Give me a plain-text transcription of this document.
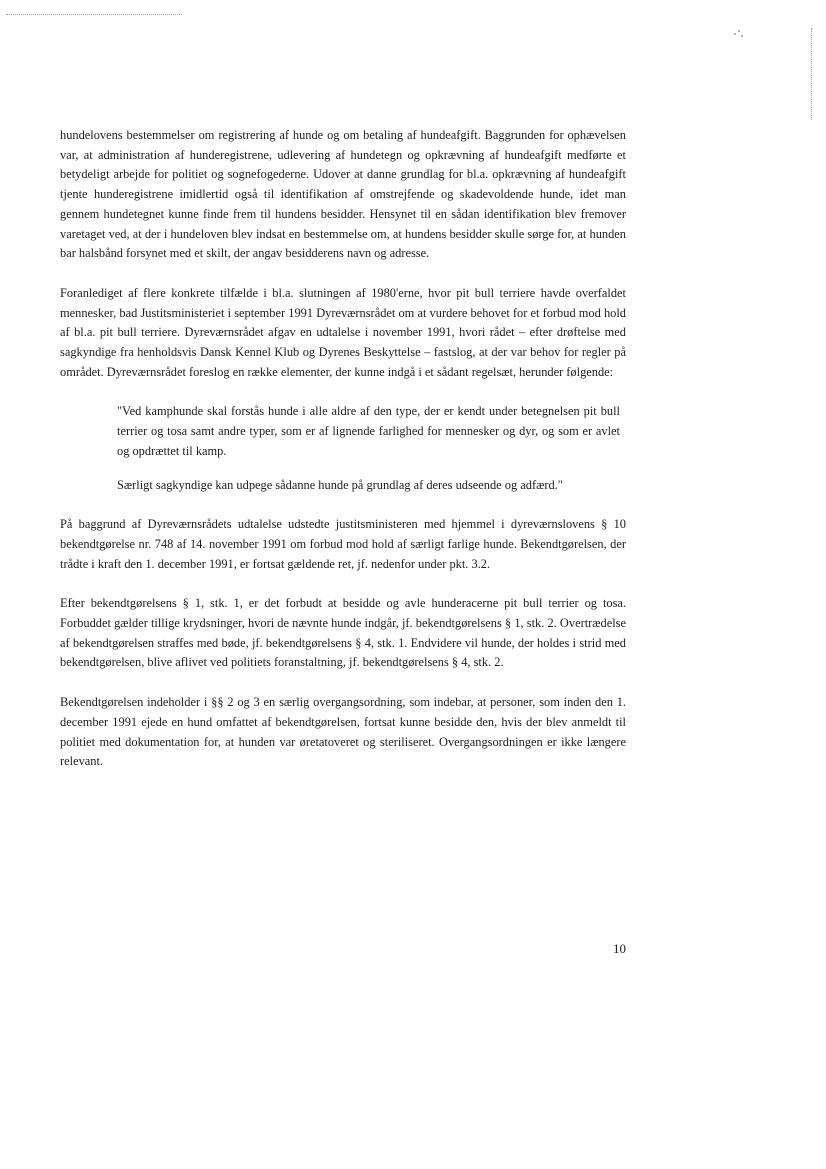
hundelovens bestemmelser om registrering af hunde og om betaling af hundeafgift. Baggrunden for ophævelsen var, at administration af hunderegistrene, udlevering af hundetegn og opkrævning af hundeafgift medførte et betydeligt arbejde for politiet og sognefogederne. Udover at danne grundlag for bl.a. opkrævning af hundeafgift tjente hunderegistrene imidlertid også til identifikation af omstrejfende og skadevoldende hunde, idet man gennem hundetegnet kunne finde frem til hundens besidder. Hensynet til en sådan identifikation blev fremover varetaget ved, at der i hundeloven blev indsat en bestemmelse om, at hundens besidder skulle sørge for, at hunden bar halsbånd forsynet med et skilt, der angav besidderens navn og adresse.

Foranlediget af flere konkrete tilfælde i bl.a. slutningen af 1980'erne, hvor pit bull terriere havde overfaldet mennesker, bad Justitsministeriet i september 1991 Dyreværnsrådet om at vurdere behovet for et forbud mod hold af bl.a. pit bull terriere. Dyreværnsrådet afgav en udtalelse i november 1991, hvori rådet – efter drøftelse med sagkyndige fra henholdsvis Dansk Kennel Klub og Dyrenes Beskyttelse – fastslog, at der var behov for regler på området. Dyreværnsrådet foreslog en række elementer, der kunne indgå i et sådant regelsæt, herunder følgende:

"Ved kamphunde skal forstås hunde i alle aldre af den type, der er kendt under betegnelsen pit bull terrier og tosa samt andre typer, som er af lignende farlighed for mennesker og dyr, og som er avlet og opdrættet til kamp.

Særligt sagkyndige kan udpege sådanne hunde på grundlag af deres udseende og adfærd."

På baggrund af Dyreværnsrådets udtalelse udstedte justitsministeren med hjemmel i dyreværnslovens § 10 bekendtgørelse nr. 748 af 14. november 1991 om forbud mod hold af særligt farlige hunde. Bekendtgørelsen, der trådte i kraft den 1. december 1991, er fortsat gældende ret, jf. nedenfor under pkt. 3.2.

Efter bekendtgørelsens § 1, stk. 1, er det forbudt at besidde og avle hunderacerne pit bull terrier og tosa. Forbuddet gælder tillige krydsninger, hvori de nævnte hunde indgår, jf. bekendtgørelsens § 1, stk. 2. Overtrædelse af bekendtgørelsen straffes med bøde, jf. bekendtgørelsens § 4, stk. 1. Endvidere vil hunde, der holdes i strid med bekendtgørelsen, blive aflivet ved politiets foranstaltning, jf. bekendtgørelsens § 4, stk. 2.

Bekendtgørelsen indeholder i §§ 2 og 3 en særlig overgangsordning, som indebar, at personer, som inden den 1. december 1991 ejede en hund omfattet af bekendtgørelsen, fortsat kunne besidde den, hvis der blev anmeldt til politiet med dokumentation for, at hunden var øretatoveret og steriliseret. Overgangsordningen er ikke længere relevant.

10
